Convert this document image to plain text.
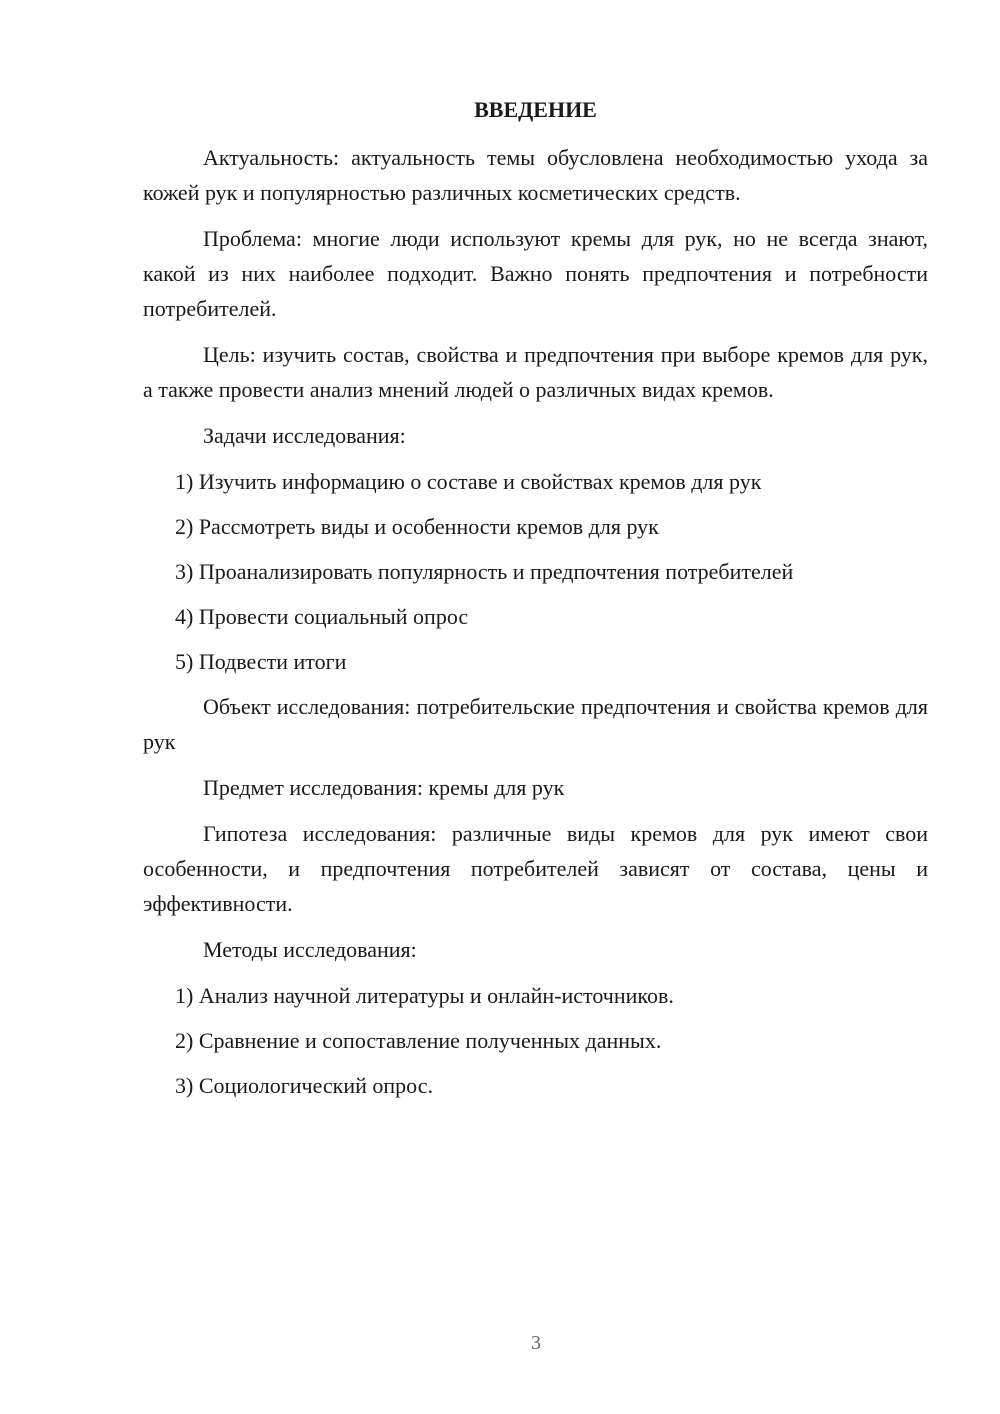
ВВЕДЕНИЕ

Актуальность: актуальность темы обусловлена необходимостью ухода за кожей рук и популярностью различных косметических средств.

Проблема: многие люди используют кремы для рук, но не всегда знают, какой из них наиболее подходит. Важно понять предпочтения и потребности потребителей.

Цель: изучить состав, свойства и предпочтения при выборе кремов для рук, а также провести анализ мнений людей о различных видах кремов.

Задачи исследования:

1) Изучить информацию о составе и свойствах кремов для рук
2) Рассмотреть виды и особенности кремов для рук
3) Проанализировать популярность и предпочтения потребителей
4) Провести социальный опрос
5) Подвести итоги

Объект исследования: потребительские предпочтения и свойства кремов для рук

Предмет исследования: кремы для рук

Гипотеза исследования: различные виды кремов для рук имеют свои особенности, и предпочтения потребителей зависят от состава, цены и эффективности.

Методы исследования:

1) Анализ научной литературы и онлайн-источников.
2) Сравнение и сопоставление полученных данных.
3) Социологический опрос.
3
